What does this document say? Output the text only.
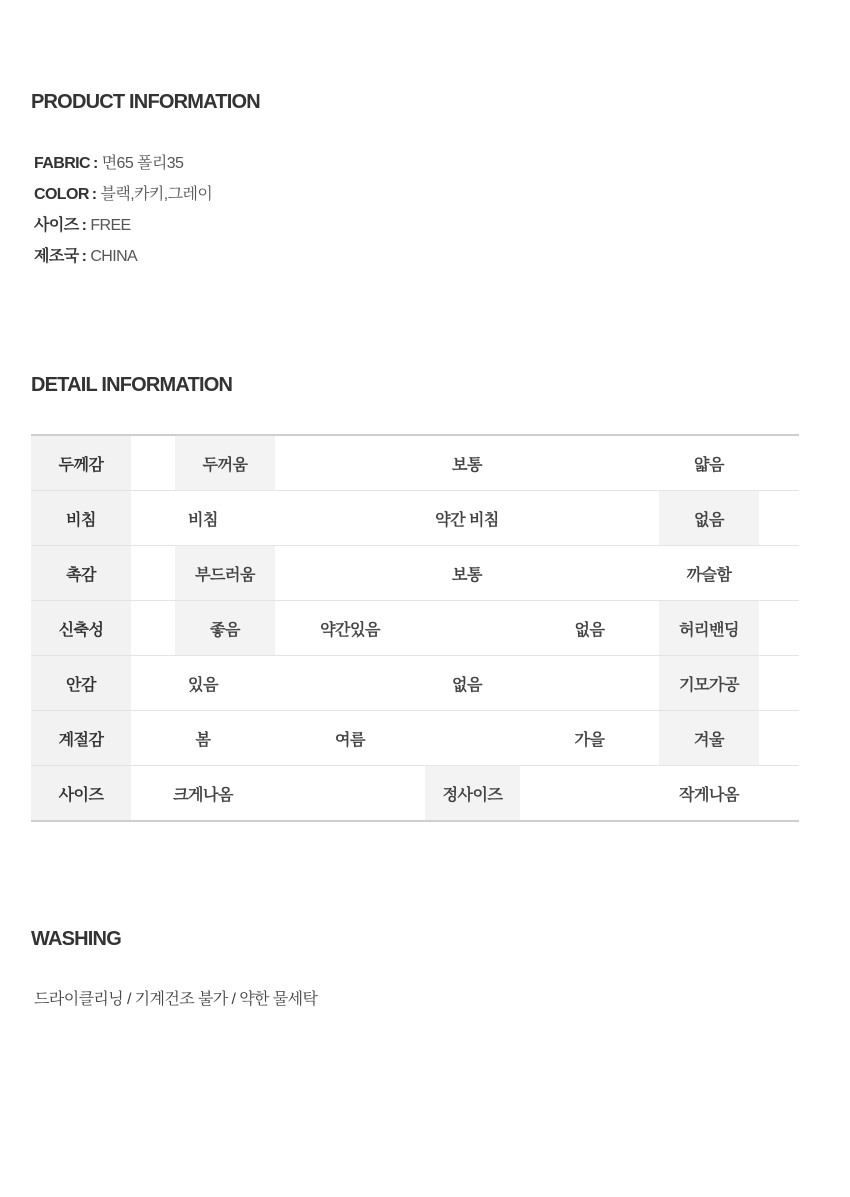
PRODUCT INFORMATION
FABRIC : 면65 폴리35
COLOR : 블랙,카키,그레이
사이즈 : FREE
제조국 : CHINA
DETAIL INFORMATION
두께감		두꺼움	보통			얇음	
비침	비침		약간 비침			없음	
촉감		부드러움	보통			까슬함	
신축성		좋음	약간있음		없음	허리밴딩	
안감	있음		없음			기모가공	
계절감	봄		여름		가을	겨울	
사이즈	크게나옴			정사이즈		작게나옴	
WASHING

드라이클리닝 / 기계건조 불가 / 약한 물세탁
